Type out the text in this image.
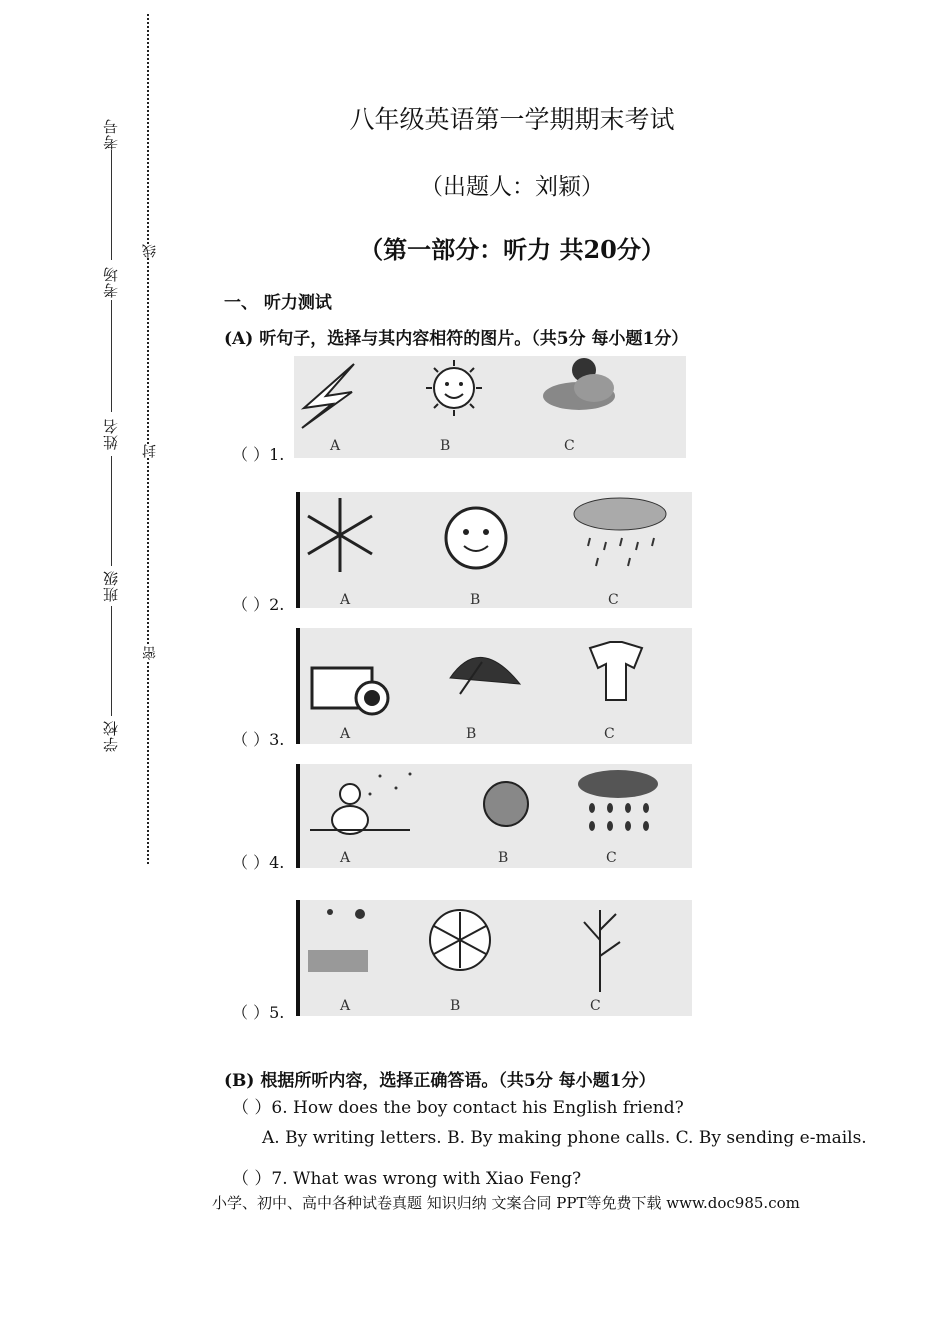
考号
考场
姓名
班级
学校
线
封
密
八年级英语第一学期期末考试
（出题人：刘颖）
（第一部分：听力 共20分）
一、 听力测试
(A) 听句子，选择与其内容相符的图片。（共5分 每小题1分）
A	B	C
（ ）1.
A	B	C
（ ）2.
A	B	C
（ ）3.
A	B	C
（ ）4.
A	B	C
（ ）5.
(B) 根据所听内容，选择正确答语。（共5分 每小题1分）
（ ）6. How does the boy contact his English friend?
A. By writing letters. B. By making phone calls. C. By sending e-mails.
（ ）7. What was wrong with Xiao Feng?
小学、初中、高中各种试卷真题 知识归纳 文案合同 PPT等免费下载 www.doc985.com
